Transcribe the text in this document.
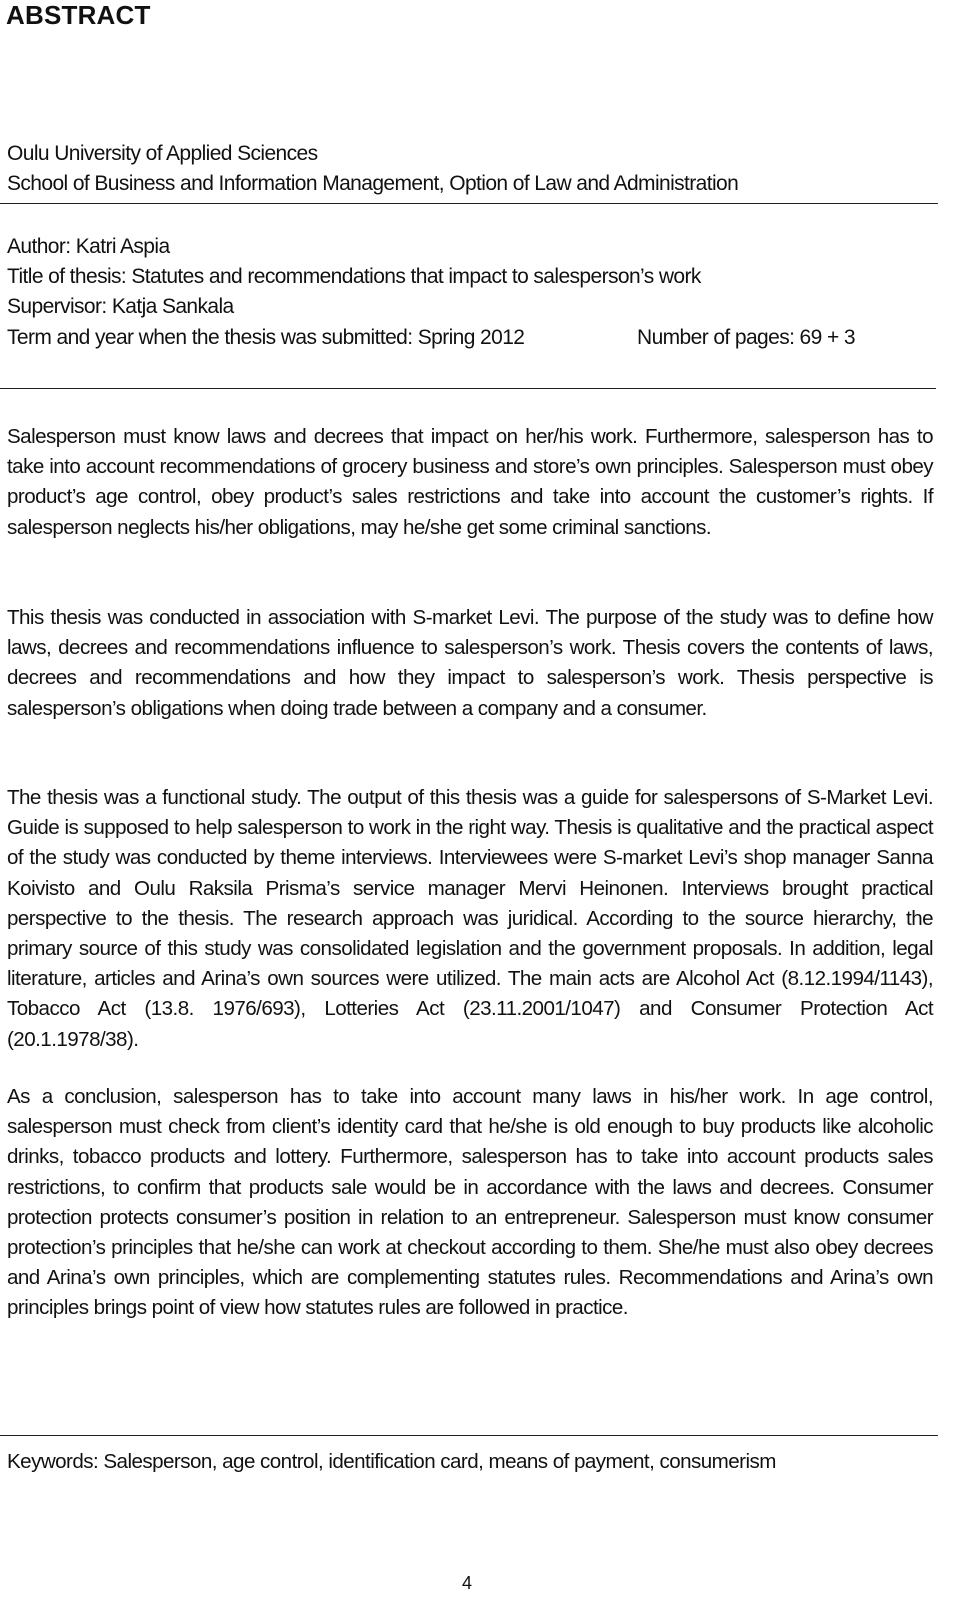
ABSTRACT
Oulu University of Applied Sciences
School of Business and Information Management, Option of Law and Administration
Author: Katri Aspia
Title of thesis: Statutes and recommendations that impact to salesperson’s work
Supervisor: Katja Sankala
Term and year when the thesis was submitted: Spring 2012	Number of pages: 69 + 3
Salesperson must know laws and decrees that impact on her/his work. Furthermore, salesperson has to take into account recommendations of grocery business and store’s own principles. Salesperson must obey product’s age control, obey product’s sales restrictions and take into account the customer’s rights. If salesperson neglects his/her obligations, may he/she get some criminal sanctions.
This thesis was conducted in association with S-market Levi. The purpose of the study was to define how laws, decrees and recommendations influence to salesperson’s work. Thesis covers the contents of laws, decrees and recommendations and how they impact to salesperson’s work. Thesis perspective is salesperson’s obligations when doing trade between a company and a consumer.
The thesis was a functional study. The output of this thesis was a guide for salespersons of S-Market Levi. Guide is supposed to help salesperson to work in the right way. Thesis is qualitative and the practical aspect of the study was conducted by theme interviews. Interviewees were S-market Levi’s shop manager Sanna Koivisto and Oulu Raksila Prisma’s service manager Mervi Heinonen. Interviews brought practical perspective to the thesis. The research approach was juridical. According to the source hierarchy, the primary source of this study was consolidated legislation and the government proposals. In addition, legal literature, articles and Arina’s own sources were utilized. The main acts are Alcohol Act (8.12.1994/1143), Tobacco Act (13.8. 1976/693), Lotteries Act (23.11.2001/1047) and Consumer Protection Act (20.1.1978/38).
As a conclusion, salesperson has to take into account many laws in his/her work. In age control, salesperson must check from client’s identity card that he/she is old enough to buy products like alcoholic drinks, tobacco products and lottery. Furthermore, salesperson has to take into account products sales restrictions, to confirm that products sale would be in accordance with the laws and decrees. Consumer protection protects consumer’s position in relation to an entrepreneur. Salesperson must know consumer protection’s principles that he/she can work at checkout according to them. She/he must also obey decrees and Arina’s own principles, which are complementing statutes rules. Recommendations and Arina’s own principles brings point of view how statutes rules are followed in practice.
Keywords: Salesperson, age control, identification card, means of payment, consumerism
4
